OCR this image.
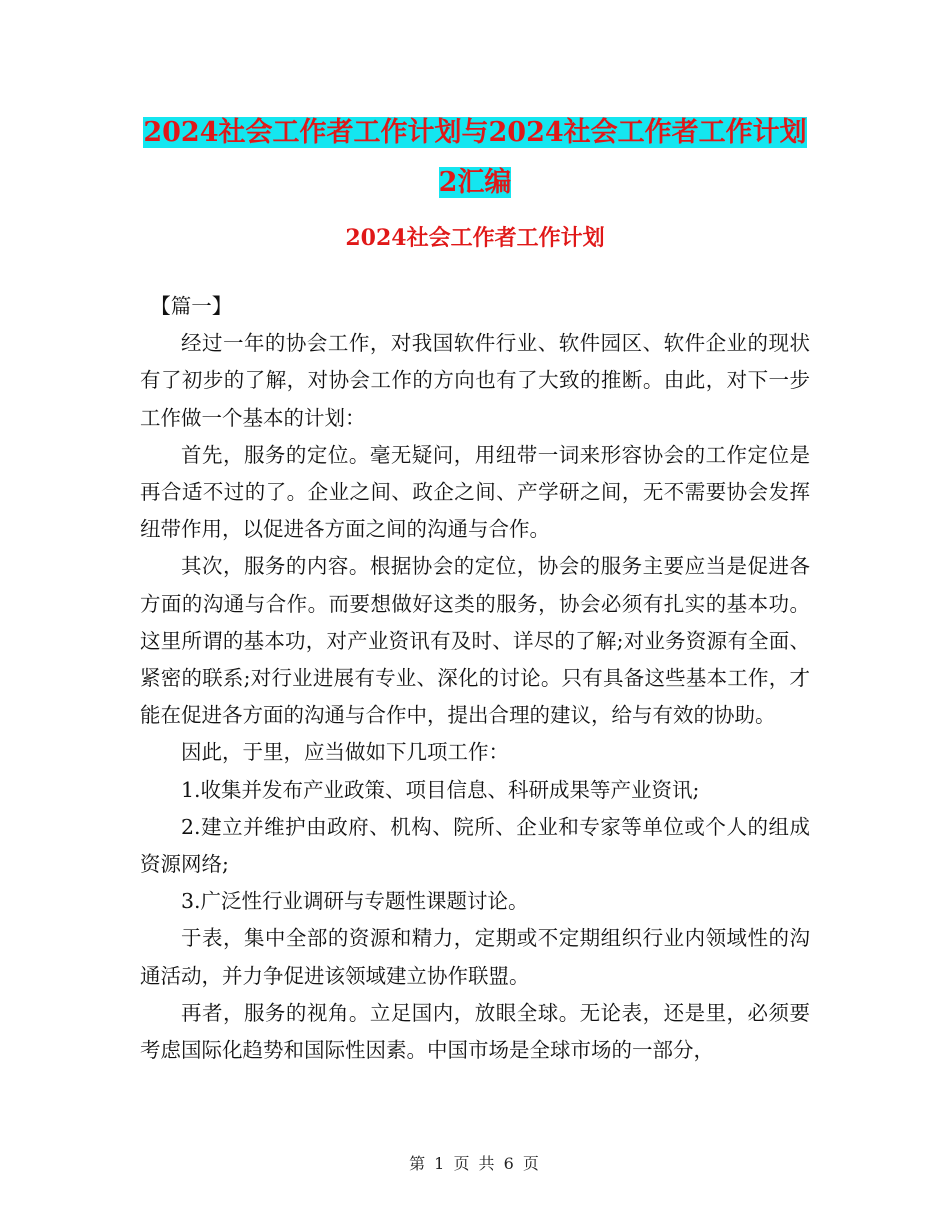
2024社会工作者工作计划与2024社会工作者工作计划
2汇编
2024社会工作者工作计划

【篇一】

经过一年的协会工作，对我国软件行业、软件园区、软件企业的现状有了初步的了解，对协会工作的方向也有了大致的推断。由此，对下一步工作做一个基本的计划：

首先，服务的定位。毫无疑问，用纽带一词来形容协会的工作定位是再合适不过的了。企业之间、政企之间、产学研之间，无不需要协会发挥纽带作用，以促进各方面之间的沟通与合作。

其次，服务的内容。根据协会的定位，协会的服务主要应当是促进各方面的沟通与合作。而要想做好这类的服务，协会必须有扎实的基本功。这里所谓的基本功，对产业资讯有及时、详尽的了解;对业务资源有全面、紧密的联系;对行业进展有专业、深化的讨论。只有具备这些基本工作，才能在促进各方面的沟通与合作中，提出合理的建议，给与有效的协助。

因此，于里，应当做如下几项工作：

1.收集并发布产业政策、项目信息、科研成果等产业资讯;

2.建立并维护由政府、机构、院所、企业和专家等单位或个人的组成资源网络;

3.广泛性行业调研与专题性课题讨论。

于表，集中全部的资源和精力，定期或不定期组织行业内领域性的沟通活动，并力争促进该领域建立协作联盟。

再者，服务的视角。立足国内，放眼全球。无论表，还是里，必须要考虑国际化趋势和国际性因素。中国市场是全球市场的一部分，

第 1 页 共 6 页
